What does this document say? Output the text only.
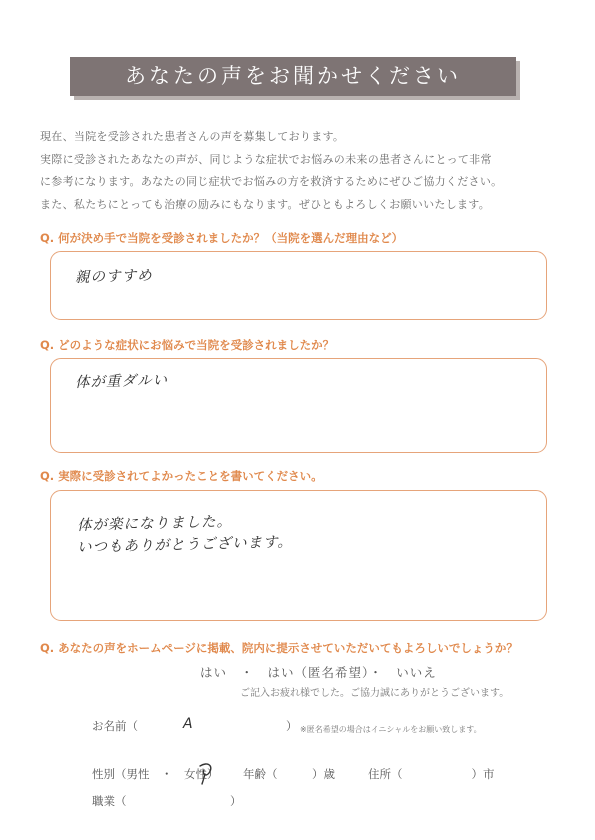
あなたの声をお聞かせください
現在、当院を受診された患者さんの声を募集しております。
実際に受診されたあなたの声が、同じような症状でお悩みの未来の患者さんにとって非常
に参考になります。あなたの同じ症状でお悩みの方を救済するためにぜひご協力ください。
また、私たちにとっても治療の励みにもなります。ぜひともよろしくお願いいたします。
Q. 何が決め手で当院を受診されましたか？（当院を選んだ理由など）
親のすすめ
Q. どのような症状にお悩みで当院を受診されましたか？
体が重ダルい
Q. 実際に受診されてよかったことを書いてください。
体が楽になりました。
いつもありがとうございます。
Q. あなたの声をホームページに掲載、院内に提示させていただいてもよろしいでしょうか？
はい　・　はい（匿名希望）・　いいえ
ご記入お疲れ様でした。ご協力誠にありがとうございます。
お名前（	A	） ※匿名希望の場合はイニシャルをお願い致します。
性別（男性　・　女性） 年齢（　　　）歳	住所（　　　　　　）市
職業（　　　　　　　　　）
